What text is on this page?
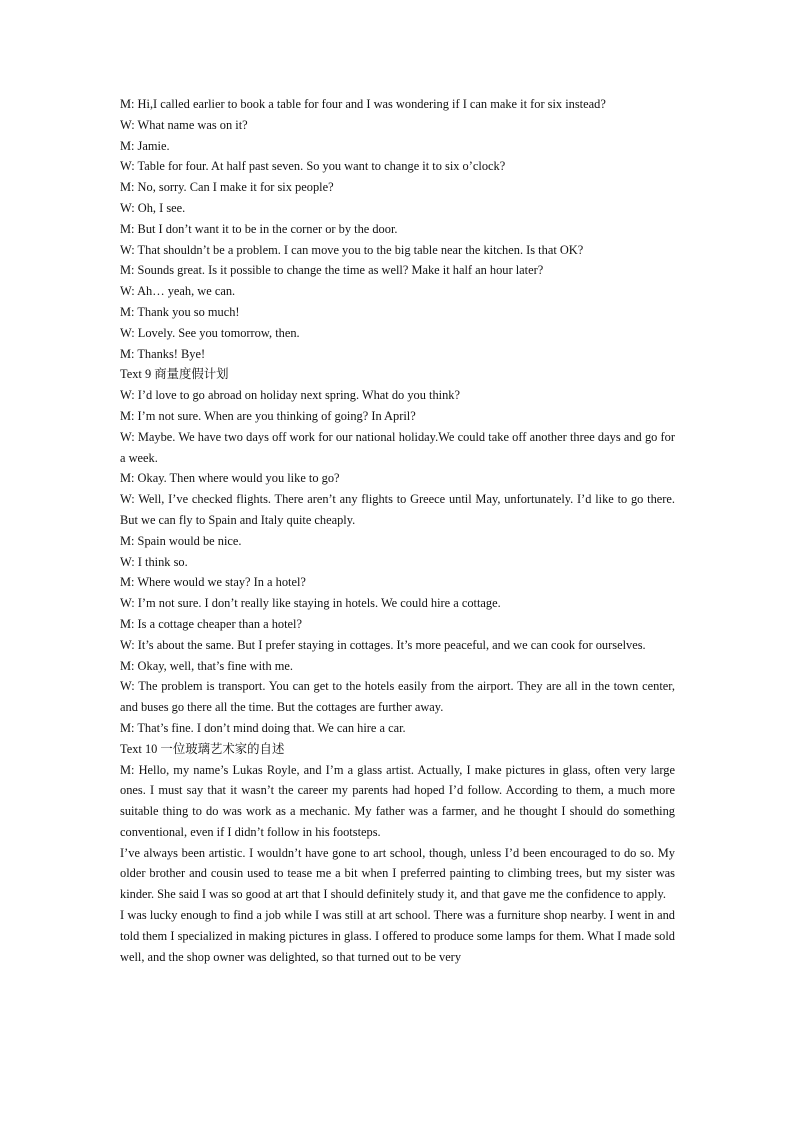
M: Hi,I called earlier to book a table for four and I was wondering if I can make it for six instead?

W: What name was on it?

M: Jamie.

W: Table for four. At half past seven. So you want to change it to six o’clock?

M: No, sorry. Can I make it for six people?

W: Oh, I see.

M: But I don’t want it to be in the corner or by the door.

W: That shouldn’t be a problem. I can move you to the big table near the kitchen. Is that OK?

M: Sounds great. Is it possible to change the time as well? Make it half an hour later?

W: Ah… yeah, we can.

M: Thank you so much!

W: Lovely. See you tomorrow, then.

M: Thanks! Bye!

Text 9 商量度假计划

W: I’d love to go abroad on holiday next spring. What do you think?

M: I’m not sure. When are you thinking of going? In April?

W: Maybe. We have two days off work for our national holiday.We could take off another three days and go for a week.

M: Okay. Then where would you like to go?

W: Well, I’ve checked flights. There aren’t any flights to Greece until May, unfortunately. I’d like to go there. But we can fly to Spain and Italy quite cheaply.

M: Spain would be nice.

W: I think so.

M: Where would we stay? In a hotel?

W: I’m not sure. I don’t really like staying in hotels. We could hire a cottage.

M: Is a cottage cheaper than a hotel?

W: It’s about the same. But I prefer staying in cottages. It’s more peaceful, and we can cook for ourselves.

M: Okay, well, that’s fine with me.

W: The problem is transport. You can get to the hotels easily from the airport. They are all in the town center, and buses go there all the time. But the cottages are further away.

M: That’s fine. I don’t mind doing that. We can hire a car.

Text 10 一位玻璃艺术家的自述

M: Hello, my name’s Lukas Royle, and I’m a glass artist. Actually, I make pictures in glass, often very large ones. I must say that it wasn’t the career my parents had hoped I’d follow. According to them, a much more suitable thing to do was work as a mechanic. My father was a farmer, and he thought I should do something conventional, even if I didn’t follow in his footsteps.

I’ve always been artistic. I wouldn’t have gone to art school, though, unless I’d been encouraged to do so. My older brother and cousin used to tease me a bit when I preferred painting to climbing trees, but my sister was kinder. She said I was so good at art that I should definitely study it, and that gave me the confidence to apply.

I was lucky enough to find a job while I was still at art school. There was a furniture shop nearby. I went in and told them I specialized in making pictures in glass. I offered to produce some lamps for them. What I made sold well, and the shop owner was delighted, so that turned out to be very
